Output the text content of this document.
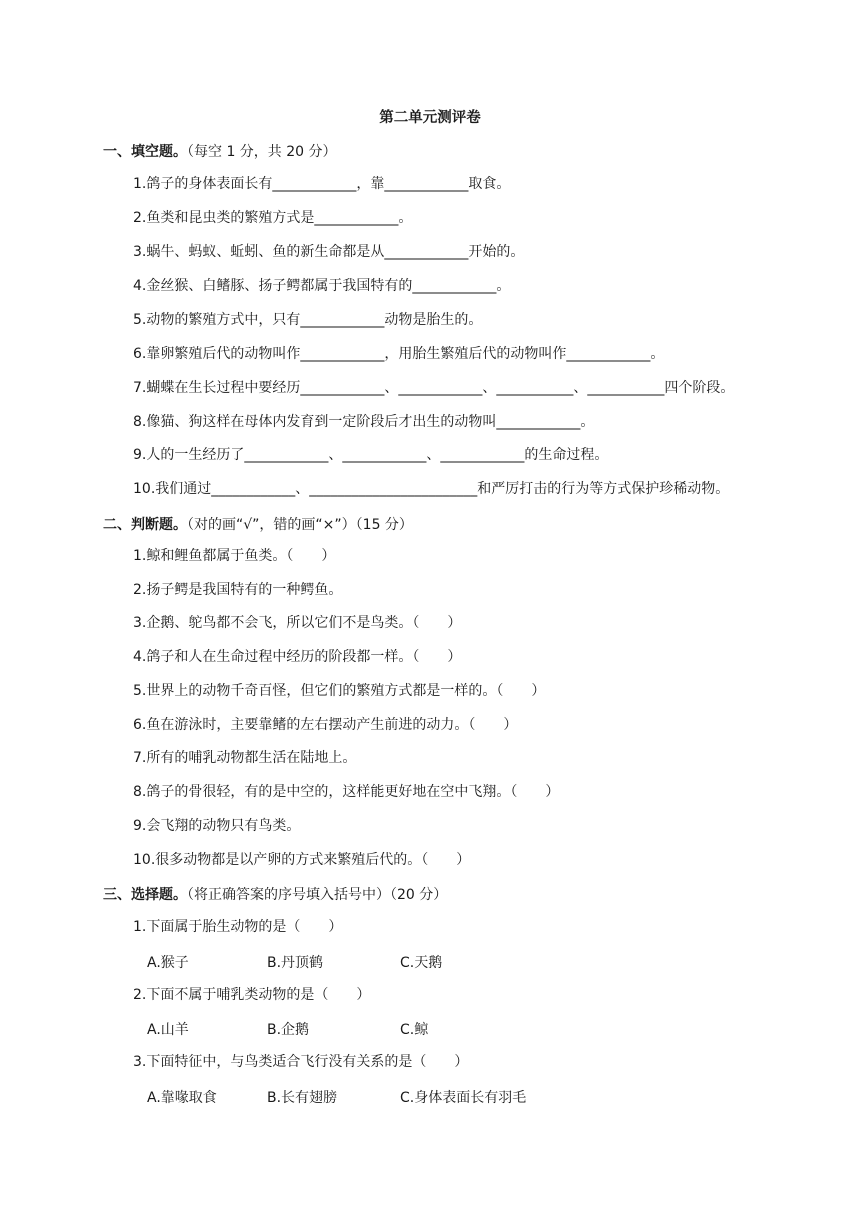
第二单元测评卷
一、填空题。（每空 1 分，共 20 分）
1.鸽子的身体表面长有____________，靠____________取食。
2.鱼类和昆虫类的繁殖方式是____________。
3.蜗牛、蚂蚁、蚯蚓、鱼的新生命都是从____________开始的。
4.金丝猴、白鳍豚、扬子鳄都属于我国特有的____________。
5.动物的繁殖方式中，只有____________动物是胎生的。
6.靠卵繁殖后代的动物叫作____________，用胎生繁殖后代的动物叫作____________。
7.蝴蝶在生长过程中要经历____________、____________、___________、___________四个阶段。
8.像猫、狗这样在母体内发育到一定阶段后才出生的动物叫____________。
9.人的一生经历了____________、____________、____________的生命过程。
10.我们通过____________、________________________和严厉打击的行为等方式保护珍稀动物。
二、判断题。（对的画“√”，错的画“×”）（15 分）
1.鲸和鲤鱼都属于鱼类。（　　）
2.扬子鳄是我国特有的一种鳄鱼。
3.企鹅、鸵鸟都不会飞，所以它们不是鸟类。（　　）
4.鸽子和人在生命过程中经历的阶段都一样。（　　）
5.世界上的动物千奇百怪，但它们的繁殖方式都是一样的。（　　）
6.鱼在游泳时，主要靠鳍的左右摆动产生前进的动力。（　　）
7.所有的哺乳动物都生活在陆地上。
8.鸽子的骨很轻，有的是中空的，这样能更好地在空中飞翔。（　　）
9.会飞翔的动物只有鸟类。
10.很多动物都是以产卵的方式来繁殖后代的。（　　）
三、选择题。（将正确答案的序号填入括号中）（20 分）
1.下面属于胎生动物的是（　　）
A.猴子	B.丹顶鹤	C.天鹅
2.下面不属于哺乳类动物的是（　　）
A.山羊	B.企鹅	C.鲸
3.下面特征中，与鸟类适合飞行没有关系的是（　　）
A.靠喙取食	B.长有翅膀	C.身体表面长有羽毛
